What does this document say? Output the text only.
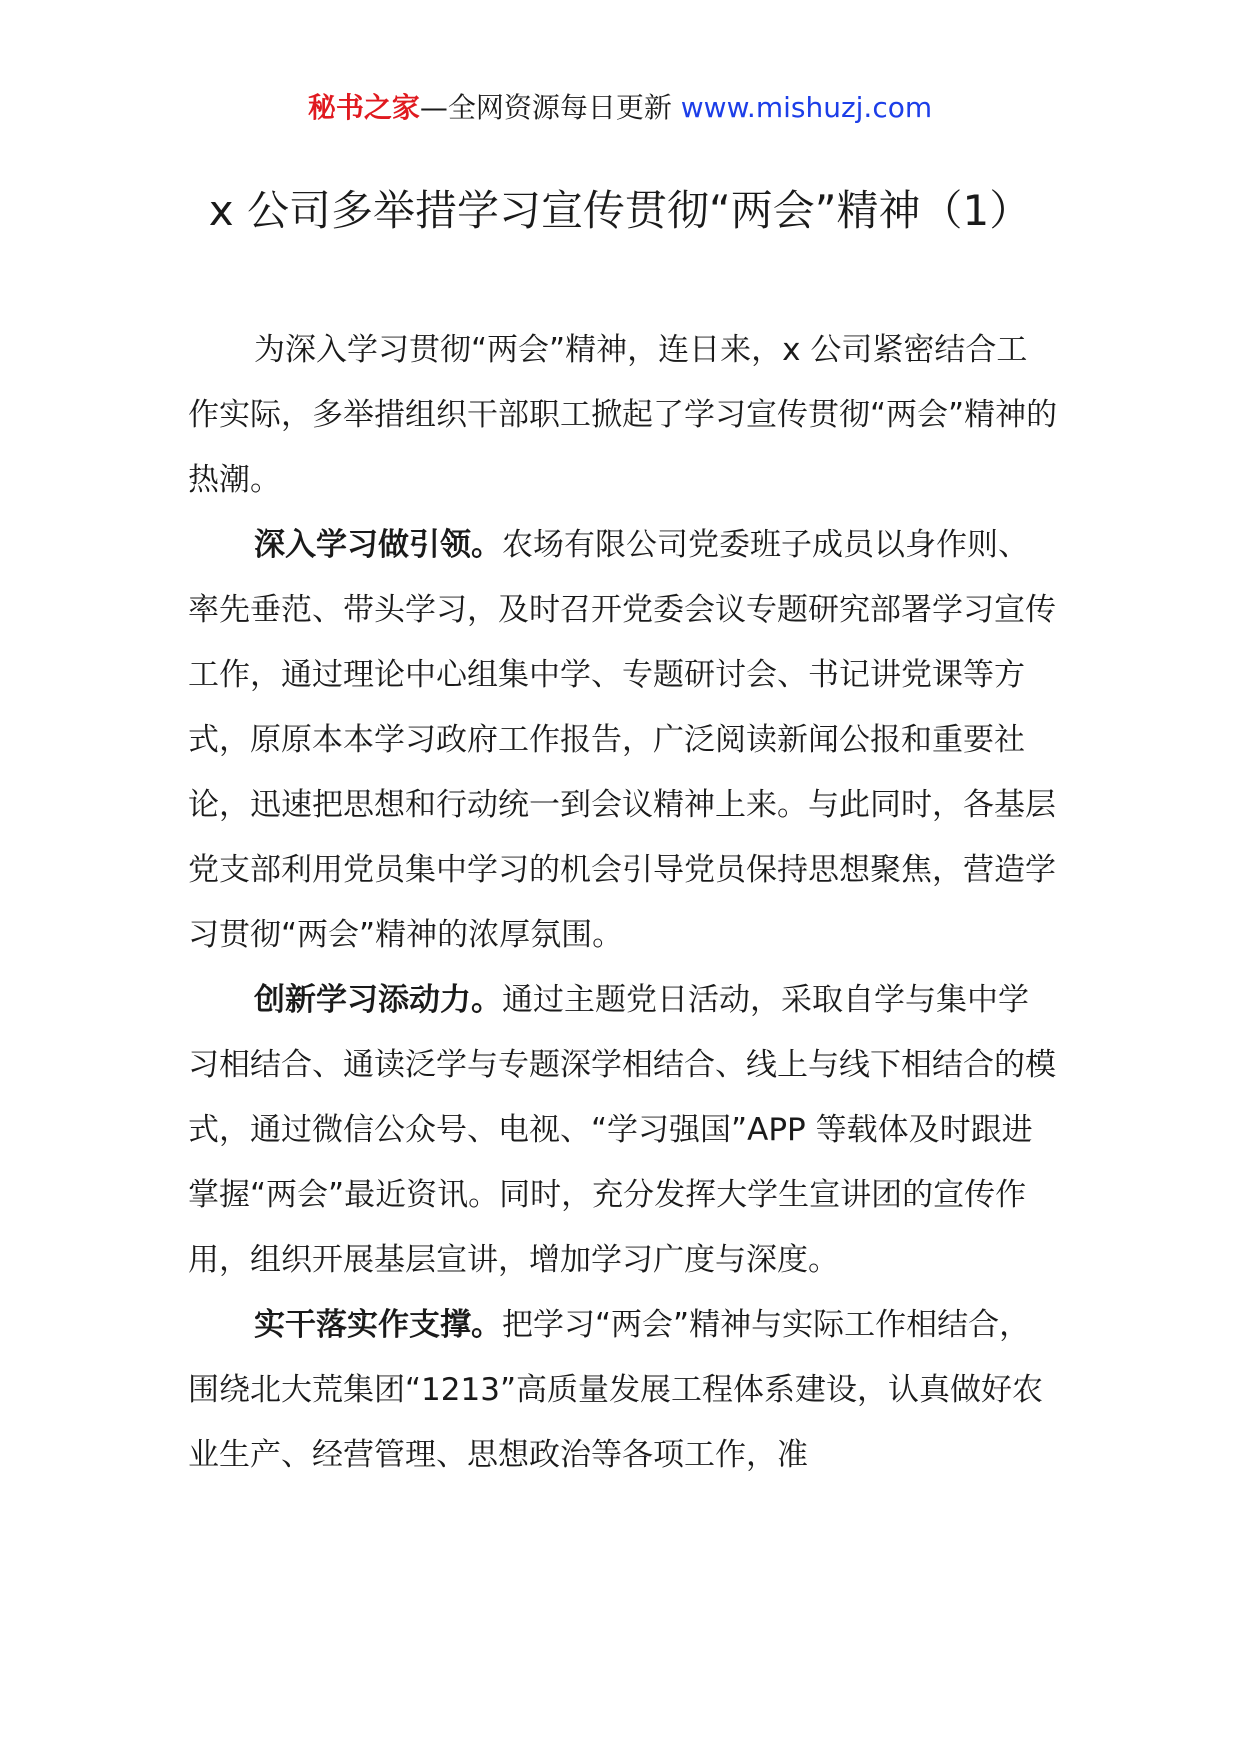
秘书之家—全网资源每日更新 www.mishuzj.com
x 公司多举措学习宣传贯彻“两会”精神（1）

为深入学习贯彻“两会”精神，连日来，x 公司紧密结合工作实际，多举措组织干部职工掀起了学习宣传贯彻“两会”精神的热潮。

深入学习做引领。农场有限公司党委班子成员以身作则、率先垂范、带头学习，及时召开党委会议专题研究部署学习宣传工作，通过理论中心组集中学、专题研讨会、书记讲党课等方式，原原本本学习政府工作报告，广泛阅读新闻公报和重要社论，迅速把思想和行动统一到会议精神上来。与此同时，各基层党支部利用党员集中学习的机会引导党员保持思想聚焦，营造学习贯彻“两会”精神的浓厚氛围。

创新学习添动力。通过主题党日活动，采取自学与集中学习相结合、通读泛学与专题深学相结合、线上与线下相结合的模式，通过微信公众号、电视、“学习强国”APP 等载体及时跟进掌握“两会”最近资讯。同时，充分发挥大学生宣讲团的宣传作用，组织开展基层宣讲，增加学习广度与深度。

实干落实作支撑。把学习“两会”精神与实际工作相结合，围绕北大荒集团“1213”高质量发展工程体系建设，认真做好农业生产、经营管理、思想政治等各项工作，准
